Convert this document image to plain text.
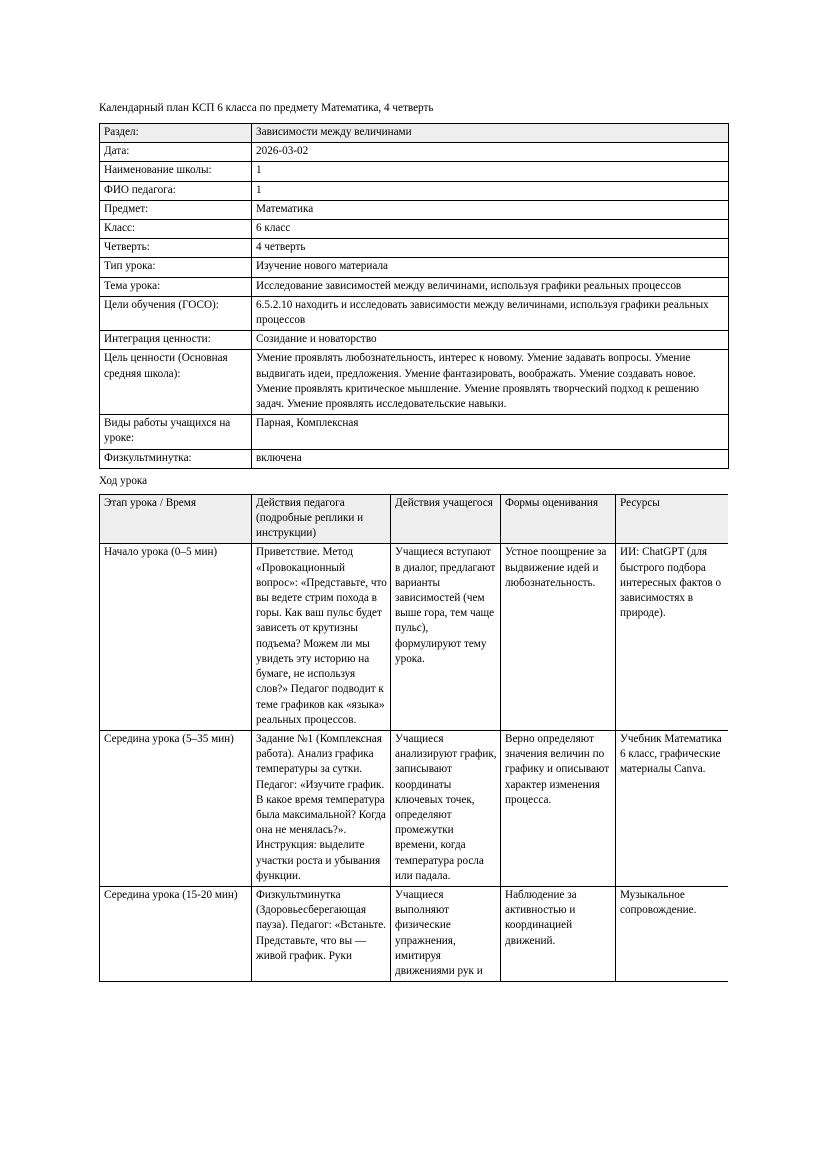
Календарный план КСП 6 класса по предмету Математика, 4 четверть
Раздел:	Зависимости между величинами
Дата:	2026-03-02
Наименование школы:	1
ФИО педагога:	1
Предмет:	Математика
Класс:	6 класс
Четверть:	4 четверть
Тип урока:	Изучение нового материала
Тема урока:	Исследование зависимостей между величинами, используя графики реальных процессов
Цели обучения (ГОСО):	6.5.2.10 находить и исследовать зависимости между величинами, используя графики реальных процессов
Интеграция ценности:	Созидание и новаторство
Цель ценности (Основная средняя школа):	Умение проявлять любознательность, интерес к новому. Умение задавать вопросы. Умение выдвигать идеи, предложения. Умение фантазировать, воображать. Умение создавать новое. Умение проявлять критическое мышление. Умение проявлять творческий подход к решению задач. Умение проявлять исследовательские навыки.
Виды работы учащихся на уроке:	Парная, Комплексная
Физкультминутка:	включена
Ход урока
Этап урока / Время	Действия педагога (подробные реплики и инструкции)	Действия учащегося	Формы оценивания	Ресурсы
Начало урока (0–5 мин)	Приветствие. Метод «Провокационный вопрос»: «Представьте, что вы ведете стрим похода в горы. Как ваш пульс будет зависеть от крутизны подъема? Можем ли мы увидеть эту историю на бумаге, не используя слов?» Педагог подводит к теме графиков как «языка» реальных процессов.	Учащиеся вступают в диалог, предлагают варианты зависимостей (чем выше гора, тем чаще пульс), формулируют тему урока.	Устное поощрение за выдвижение идей и любознательность.	ИИ: ChatGPT (для быстрого подбора интересных фактов о зависимостях в природе).
Середина урока (5–35 мин)	Задание №1 (Комплексная работа). Анализ графика температуры за сутки. Педагог: «Изучите график. В какое время температура была максимальной? Когда она не менялась?». Инструкция: выделите участки роста и убывания функции.	Учащиеся анализируют график, записывают координаты ключевых точек, определяют промежутки времени, когда температура росла или падала.	Верно определяют значения величин по графику и описывают характер изменения процесса.	Учебник Математика 6 класс, графические материалы Canva.
Середина урока (15-20 мин)	Физкультминутка (Здоровьесберегающая пауза). Педагог: «Встаньте. Представьте, что вы — живой график. Руки	Учащиеся выполняют физические упражнения, имитируя движениями рук и	Наблюдение за активностью и координацией движений.	Музыкальное сопровождение.
